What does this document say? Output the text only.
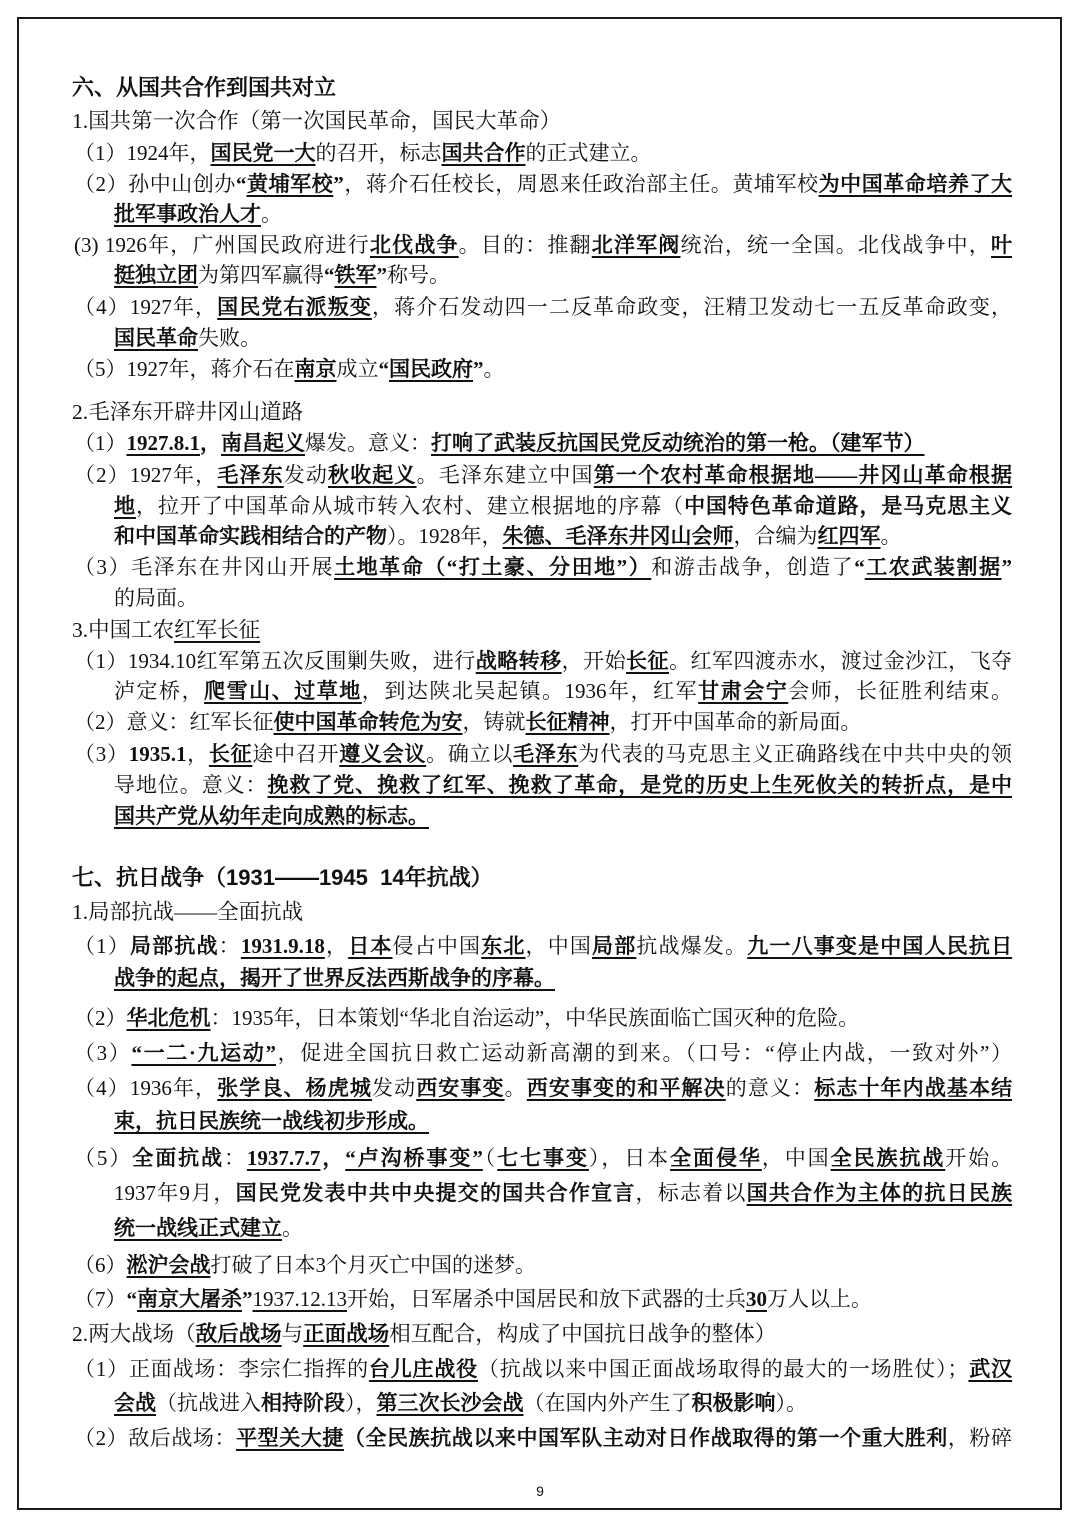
六、从国共合作到国共对立
1.国共第一次合作（第一次国民革命，国民大革命）
（1）1924年，国民党一大的召开，标志国共合作的正式建立。
（2）孙中山创办“黄埔军校”，蒋介石任校长，周恩来任政治部主任。黄埔军校为中国革命培养了大
批军事政治人才。
(3) 1926年，广州国民政府进行北伐战争。目的：推翻北洋军阀统治，统一全国。北伐战争中，叶
挺独立团为第四军赢得“铁军”称号。
（4）1927年，国民党右派叛变，蒋介石发动四一二反革命政变，汪精卫发动七一五反革命政变，
国民革命失败。
（5）1927年，蒋介石在南京成立“国民政府”。
2.毛泽东开辟井冈山道路
（1）1927.8.1，南昌起义爆发。意义：打响了武装反抗国民党反动统治的第一枪。（建军节）
（2）1927年，毛泽东发动秋收起义。毛泽东建立中国第一个农村革命根据地——井冈山革命根据
地，拉开了中国革命从城市转入农村、建立根据地的序幕（中国特色革命道路，是马克思主义
和中国革命实践相结合的产物）。1928年，朱德、毛泽东井冈山会师，合编为红四军。
（3）毛泽东在井冈山开展土地革命（“打土豪、分田地”）和游击战争，创造了“工农武装割据”
的局面。
3.中国工农红军长征
（1）1934.10红军第五次反围剿失败，进行战略转移，开始长征。红军四渡赤水，渡过金沙江，飞夺
泸定桥，爬雪山、过草地，到达陕北吴起镇。1936年，红军甘肃会宁会师，长征胜利结束。
（2）意义：红军长征使中国革命转危为安，铸就长征精神，打开中国革命的新局面。
（3）1935.1，长征途中召开遵义会议。确立以毛泽东为代表的马克思主义正确路线在中共中央的领
导地位。意义：挽救了党、挽救了红军、挽救了革命，是党的历史上生死攸关的转折点，是中
国共产党从幼年走向成熟的标志。
七、抗日战争（1931——1945  14年抗战）
1.局部抗战——全面抗战
（1）局部抗战：1931.9.18，日本侵占中国东北，中国局部抗战爆发。九一八事变是中国人民抗日
战争的起点，揭开了世界反法西斯战争的序幕。
（2）华北危机：1935年，日本策划“华北自治运动”，中华民族面临亡国灭种的危险。
（3）“一二·九运动”，促进全国抗日救亡运动新高潮的到来。（口号：“停止内战，一致对外”）
（4）1936年，张学良、杨虎城发动西安事变。西安事变的和平解决的意义：标志十年内战基本结
束，抗日民族统一战线初步形成。
（5）全面抗战：1937.7.7，“卢沟桥事变”（七七事变），日本全面侵华，中国全民族抗战开始。
1937年9月，国民党发表中共中央提交的国共合作宣言，标志着以国共合作为主体的抗日民族
统一战线正式建立。
（6）淞沪会战打破了日本3个月灭亡中国的迷梦。
（7）“南京大屠杀”1937.12.13开始，日军屠杀中国居民和放下武器的士兵30万人以上。
2.两大战场（敌后战场与正面战场相互配合，构成了中国抗日战争的整体）
（1）正面战场：李宗仁指挥的台儿庄战役（抗战以来中国正面战场取得的最大的一场胜仗）；武汉
会战（抗战进入相持阶段），第三次长沙会战（在国内外产生了积极影响）。
（2）敌后战场：平型关大捷（全民族抗战以来中国军队主动对日作战取得的第一个重大胜利，粉碎
9
